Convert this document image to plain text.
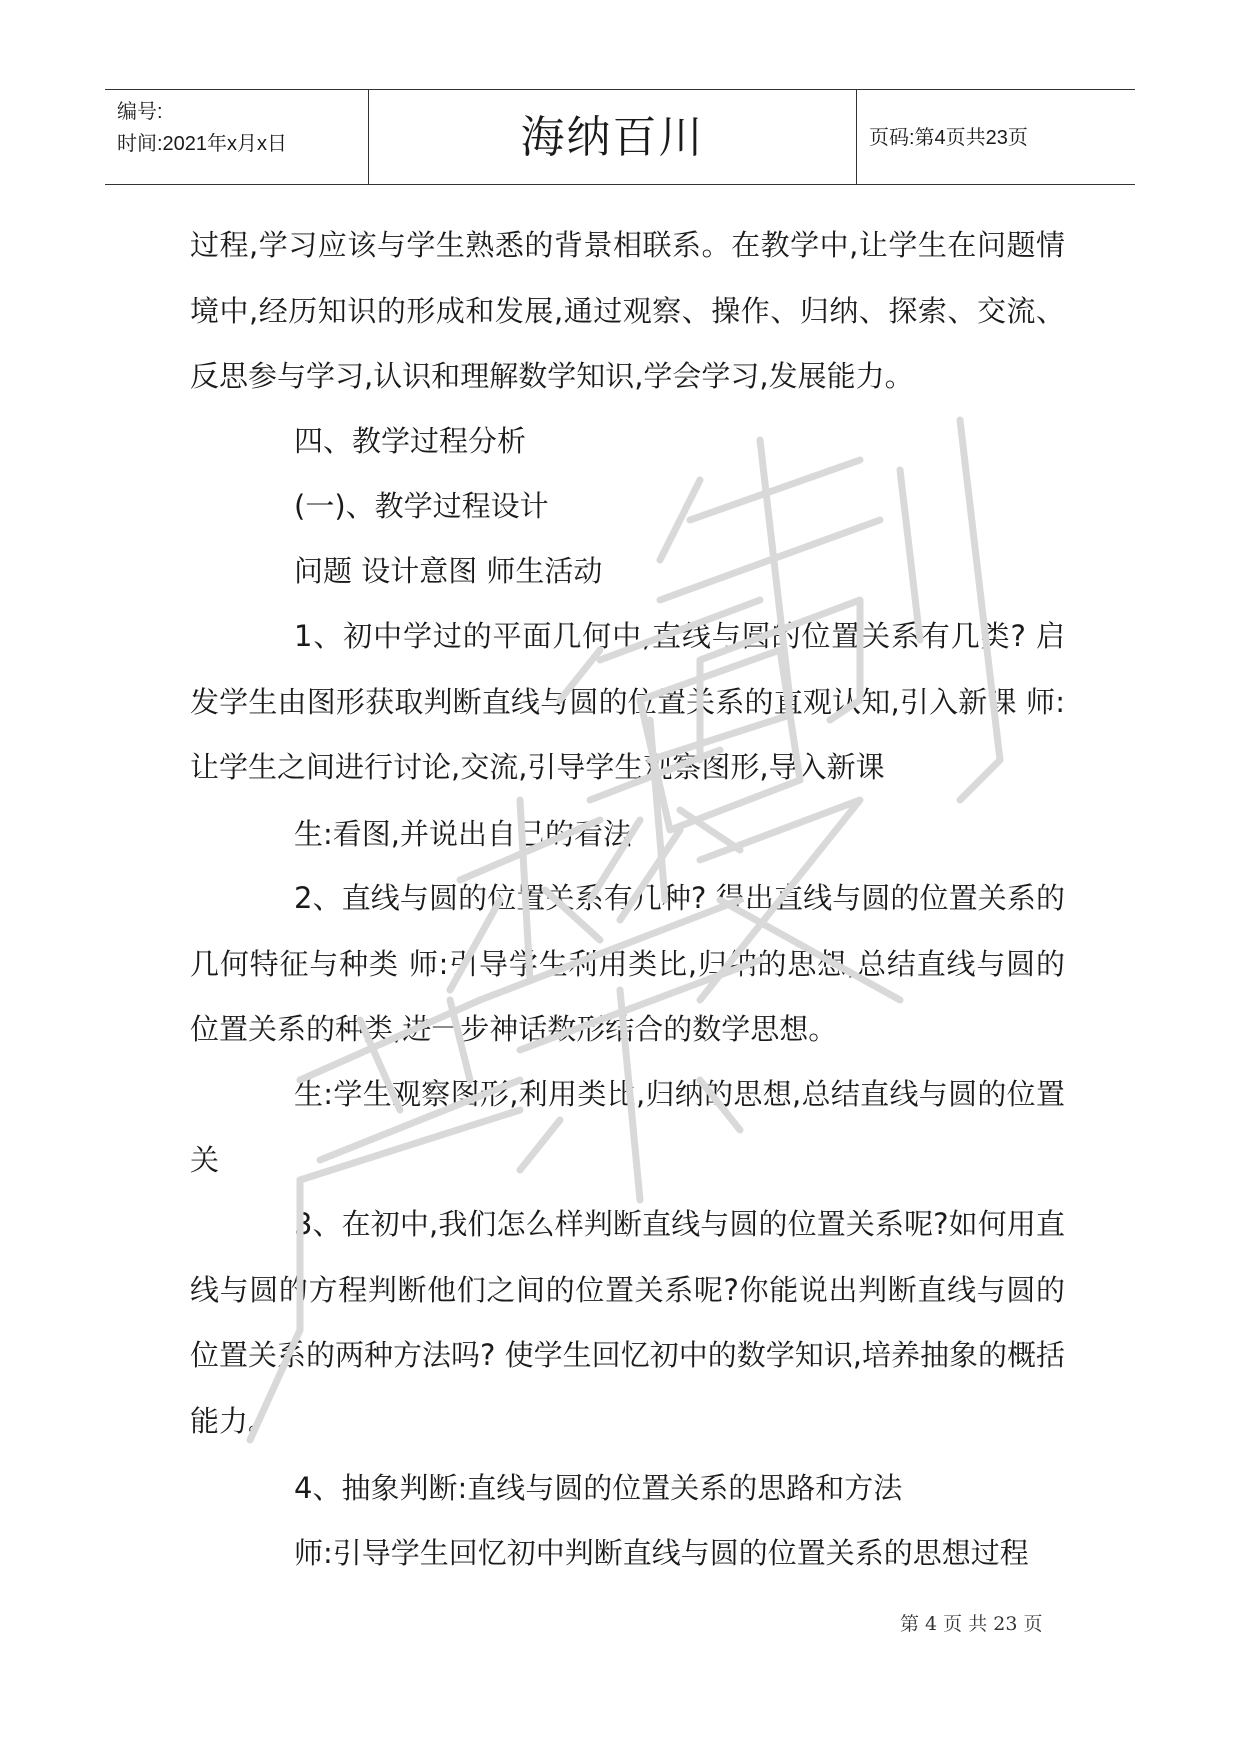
编号:
时间:2021年x月x日	海纳百川	页码:第4页共23页
过程,学习应该与学生熟悉的背景相联系。在教学中,让学生在问题情境中,经历知识的形成和发展,通过观察、操作、归纳、探索、交流、反思参与学习,认识和理解数学知识,学会学习,发展能力。
四、教学过程分析
(一)、教学过程设计
问题 设计意图 师生活动
1、初中学过的平面几何中,直线与圆的位置关系有几类? 启发学生由图形获取判断直线与圆的位置关系的直观认知,引入新课 师:让学生之间进行讨论,交流,引导学生观察图形,导入新课
生:看图,并说出自己的看法
2、直线与圆的位置关系有几种? 得出直线与圆的位置关系的几何特征与种类 师:引导学生利用类比,归纳的思想,总结直线与圆的位置关系的种类,进一步神话数形结合的数学思想。
生:学生观察图形,利用类比,归纳的思想,总结直线与圆的位置关
3、在初中,我们怎么样判断直线与圆的位置关系呢?如何用直线与圆的方程判断他们之间的位置关系呢?你能说出判断直线与圆的位置关系的两种方法吗? 使学生回忆初中的数学知识,培养抽象的概括能力。
4、抽象判断:直线与圆的位置关系的思路和方法
师:引导学生回忆初中判断直线与圆的位置关系的思想过程
第 4 页 共 23 页
